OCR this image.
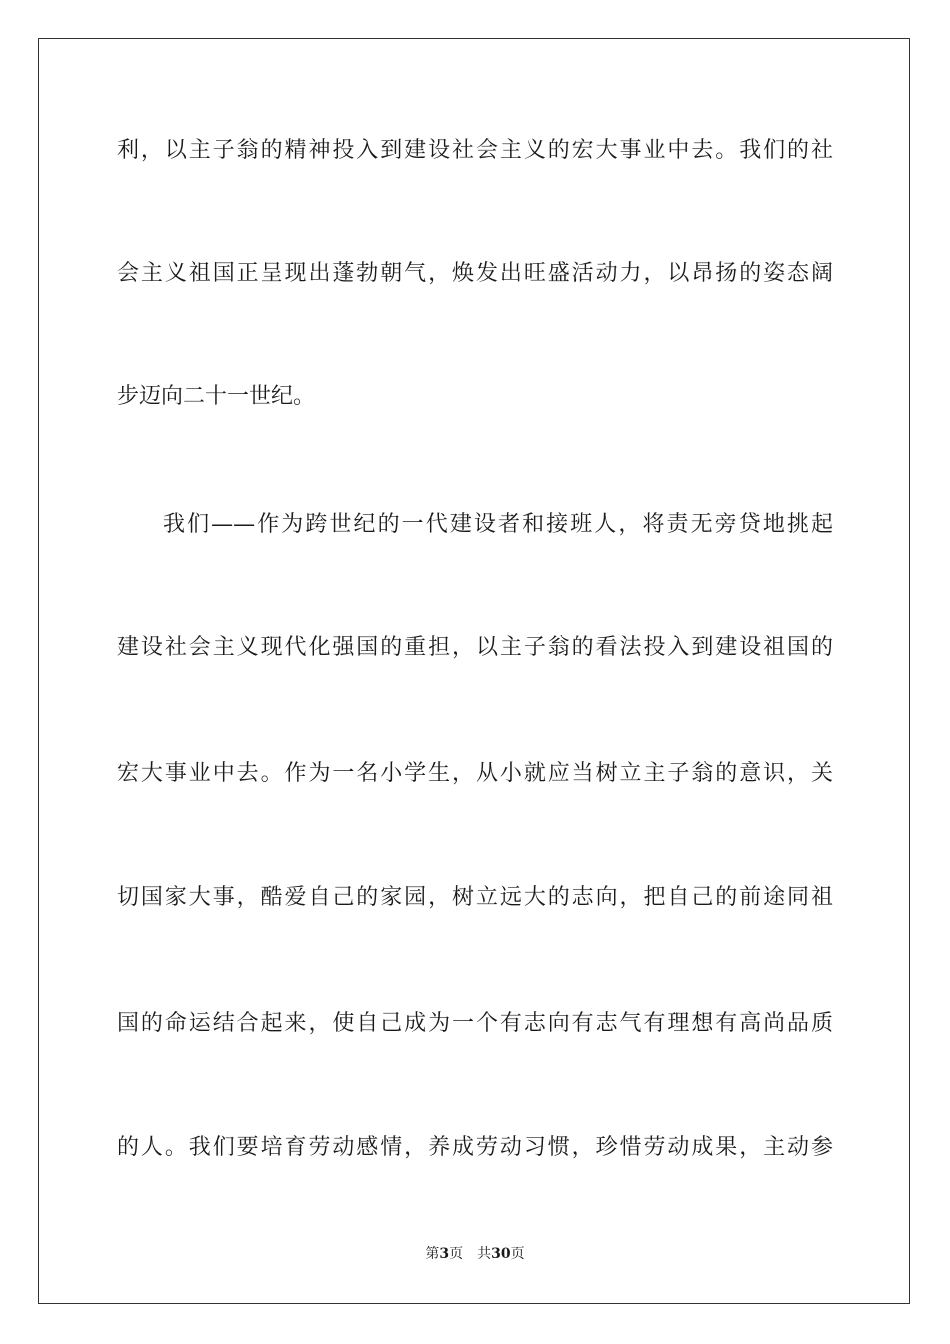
利，以主子翁的精神投入到建设社会主义的宏大事业中去。我们的社
会主义祖国正呈现出蓬勃朝气，焕发出旺盛活动力，以昂扬的姿态阔
步迈向二十一世纪。
我们——作为跨世纪的一代建设者和接班人，将责无旁贷地挑起
建设社会主义现代化强国的重担，以主子翁的看法投入到建设祖国的
宏大事业中去。作为一名小学生，从小就应当树立主子翁的意识，关
切国家大事，酷爱自己的家园，树立远大的志向，把自己的前途同祖
国的命运结合起来，使自己成为一个有志向有志气有理想有高尚品质
的人。我们要培育劳动感情，养成劳动习惯，珍惜劳动成果，主动参
第3页 共30页
